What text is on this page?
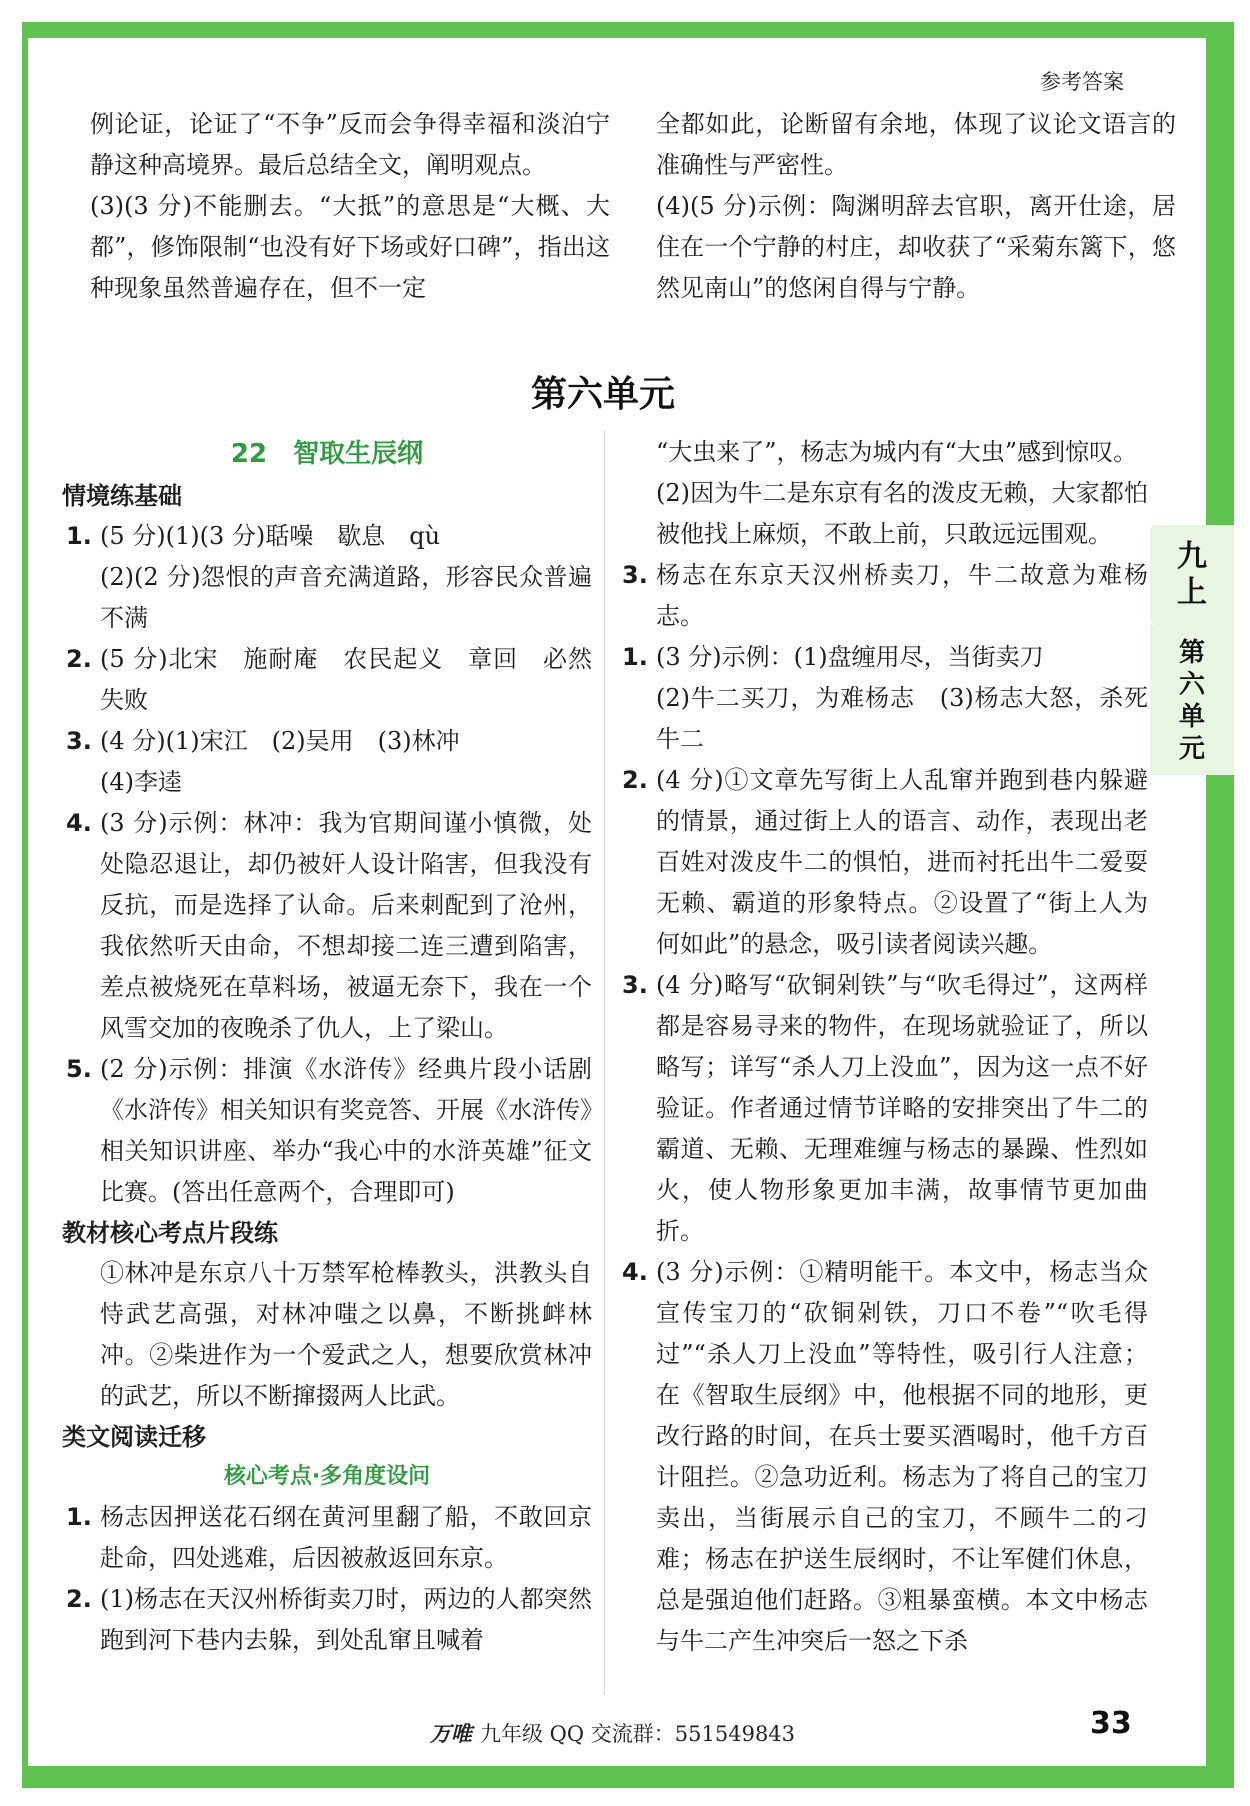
九
上
第
六
单
元
参考答案

例论证，论证了“不争”反而会争得幸福和淡泊宁静这种高境界。最后总结全文，阐明观点。

(3)(3 分)不能删去。“大抵”的意思是“大概、大都”，修饰限制“也没有好下场或好口碑”，指出这种现象虽然普遍存在，但不一定

全都如此，论断留有余地，体现了议论文语言的准确性与严密性。

(4)(5 分)示例：陶渊明辞去官职，离开仕途，居住在一个宁静的村庄，却收获了“采菊东篱下，悠然见南山”的悠闲自得与宁静。

第六单元

22　智取生辰纲

情境练基础

1. (5 分)(1)(3 分)聒噪　歇息　qù

(2)(2 分)怨恨的声音充满道路，形容民众普遍不满

2. (5 分)北宋　施耐庵　农民起义　章回　必然失败

3. (4 分)(1)宋江　(2)吴用　(3)林冲

(4)李逵

4. (3 分)示例：林冲：我为官期间谨小慎微，处处隐忍退让，却仍被奸人设计陷害，但我没有反抗，而是选择了认命。后来刺配到了沧州，我依然听天由命，不想却接二连三遭到陷害，差点被烧死在草料场，被逼无奈下，我在一个风雪交加的夜晚杀了仇人，上了梁山。

5. (2 分)示例：排演《水浒传》经典片段小话剧《水浒传》相关知识有奖竞答、开展《水浒传》相关知识讲座、举办“我心中的水浒英雄”征文比赛。(答出任意两个，合理即可)

教材核心考点片段练

①林冲是东京八十万禁军枪棒教头，洪教头自恃武艺高强，对林冲嗤之以鼻，不断挑衅林冲。②柴进作为一个爱武之人，想要欣赏林冲的武艺，所以不断撺掇两人比武。

类文阅读迁移

核心考点·多角度设问

1. 杨志因押送花石纲在黄河里翻了船，不敢回京赴命，四处逃难，后因被赦返回东京。

2. (1)杨志在天汉州桥街卖刀时，两边的人都突然跑到河下巷内去躲，到处乱窜且喊着

“大虫来了”，杨志为城内有“大虫”感到惊叹。

(2)因为牛二是东京有名的泼皮无赖，大家都怕被他找上麻烦，不敢上前，只敢远远围观。

3. 杨志在东京天汉州桥卖刀，牛二故意为难杨志。

1. (3 分)示例：(1)盘缠用尽，当街卖刀

(2)牛二买刀，为难杨志　(3)杨志大怒，杀死牛二

2. (4 分)①文章先写街上人乱窜并跑到巷内躲避的情景，通过街上人的语言、动作，表现出老百姓对泼皮牛二的惧怕，进而衬托出牛二爱耍无赖、霸道的形象特点。②设置了“街上人为何如此”的悬念，吸引读者阅读兴趣。

3. (4 分)略写“砍铜剁铁”与“吹毛得过”，这两样都是容易寻来的物件，在现场就验证了，所以略写；详写“杀人刀上没血”，因为这一点不好验证。作者通过情节详略的安排突出了牛二的霸道、无赖、无理难缠与杨志的暴躁、性烈如火，使人物形象更加丰满，故事情节更加曲折。

4. (3 分)示例：①精明能干。本文中，杨志当众宣传宝刀的“砍铜剁铁，刀口不卷”“吹毛得过”“杀人刀上没血”等特性，吸引行人注意；在《智取生辰纲》中，他根据不同的地形，更改行路的时间，在兵士要买酒喝时，他千方百计阻拦。②急功近利。杨志为了将自己的宝刀卖出，当街展示自己的宝刀，不顾牛二的刁难；杨志在护送生辰纲时，不让军健们休息，总是强迫他们赶路。③粗暴蛮横。本文中杨志与牛二产生冲突后一怒之下杀

万唯 九年级 QQ 交流群：551549843	33
